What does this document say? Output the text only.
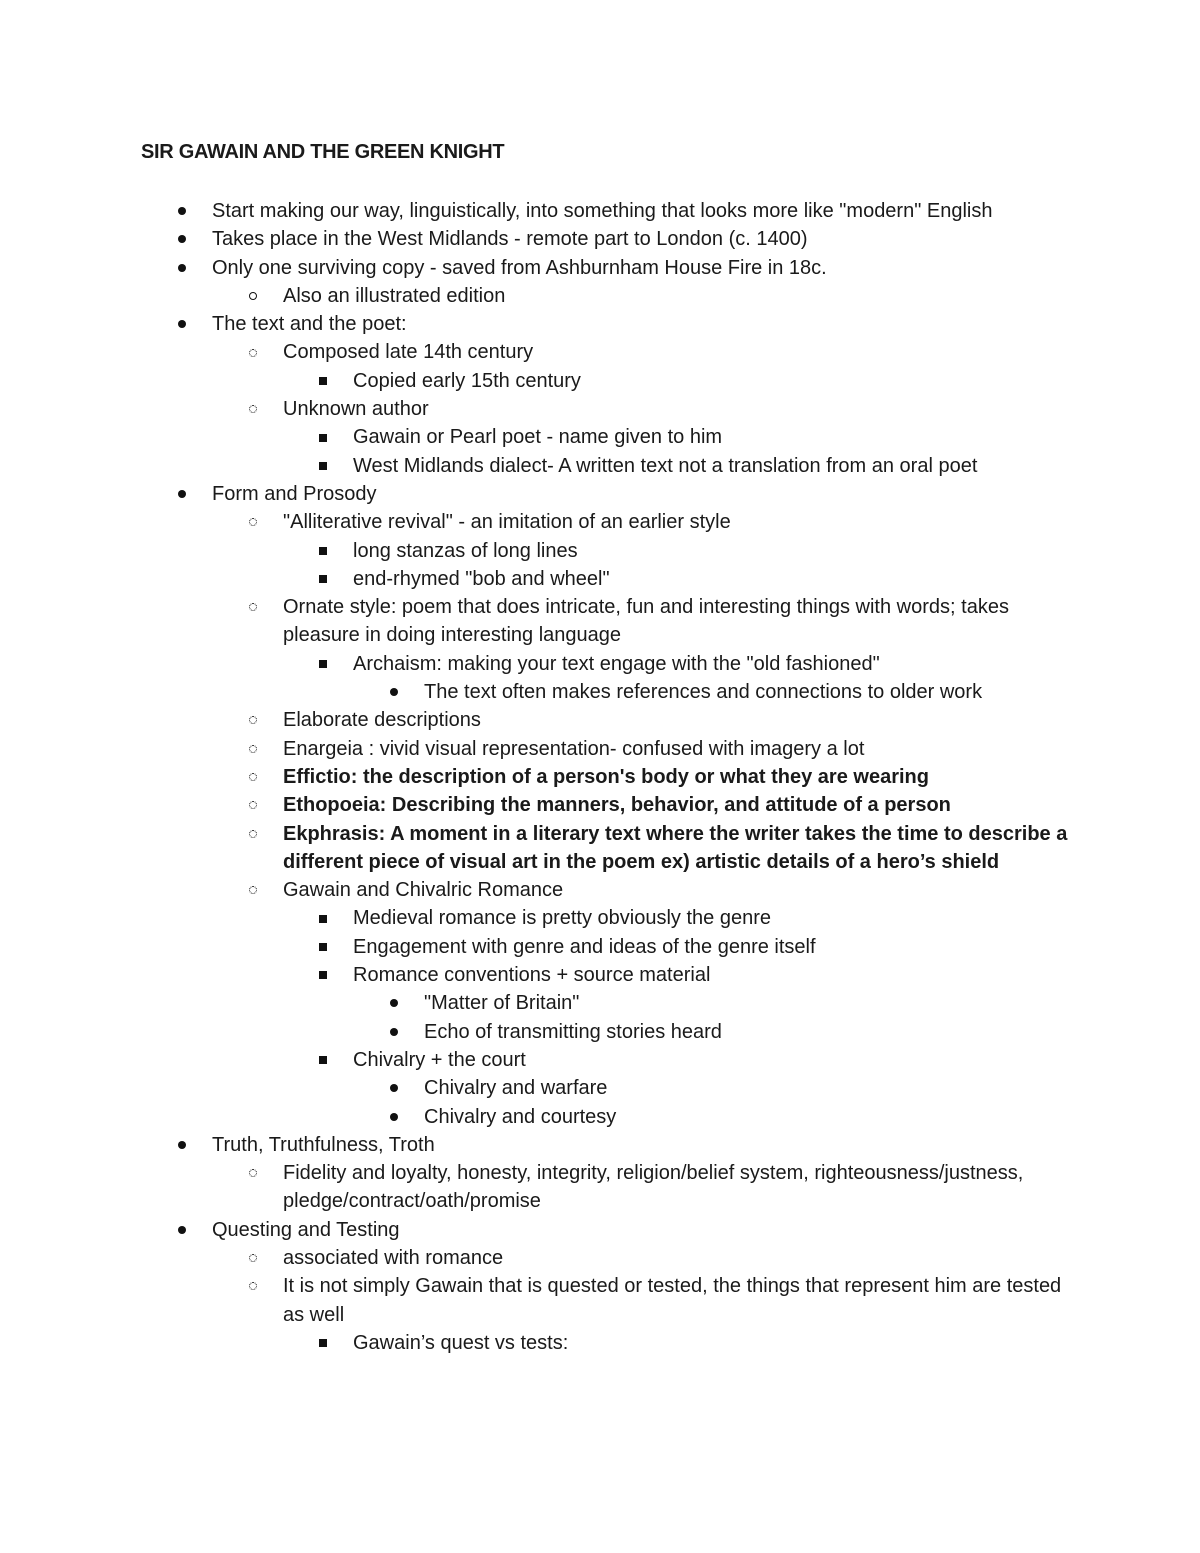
SIR GAWAIN AND THE GREEN KNIGHT
Start making our way, linguistically, into something that looks more like "modern" English
Takes place in the West Midlands - remote part to London (c. 1400)
Only one surviving copy - saved from Ashburnham House Fire in 18c.
Also an illustrated edition
The text and the poet:
Composed late 14th century
Copied early 15th century
Unknown author
Gawain or Pearl poet - name given to him
West Midlands dialect- A written text not a translation from an oral poet
Form and Prosody
"Alliterative revival" - an imitation of an earlier style
long stanzas of long lines
end-rhymed "bob and wheel"
Ornate style: poem that does intricate, fun and interesting things with words; takes pleasure in doing interesting language
Archaism: making your text engage with the "old fashioned"
The text often makes references and connections to older work
Elaborate descriptions
Enargeia : vivid visual representation- confused with imagery a lot
Effictio: the description of a person's body or what they are wearing
Ethopoeia: Describing the manners, behavior, and attitude of a person
Ekphrasis: A moment in a literary text where the writer takes the time to describe a different piece of visual art in the poem ex) artistic details of a hero’s shield
Gawain and Chivalric Romance
Medieval romance is pretty obviously the genre
Engagement with genre and ideas of the genre itself
Romance conventions + source material
"Matter of Britain"
Echo of transmitting stories heard
Chivalry + the court
Chivalry and warfare
Chivalry and courtesy
Truth, Truthfulness, Troth
Fidelity and loyalty, honesty, integrity, religion/belief system, righteousness/justness, pledge/contract/oath/promise
Questing and Testing
associated with romance
It is not simply Gawain that is quested or tested, the things that represent him are tested as well
Gawain’s quest vs tests:
